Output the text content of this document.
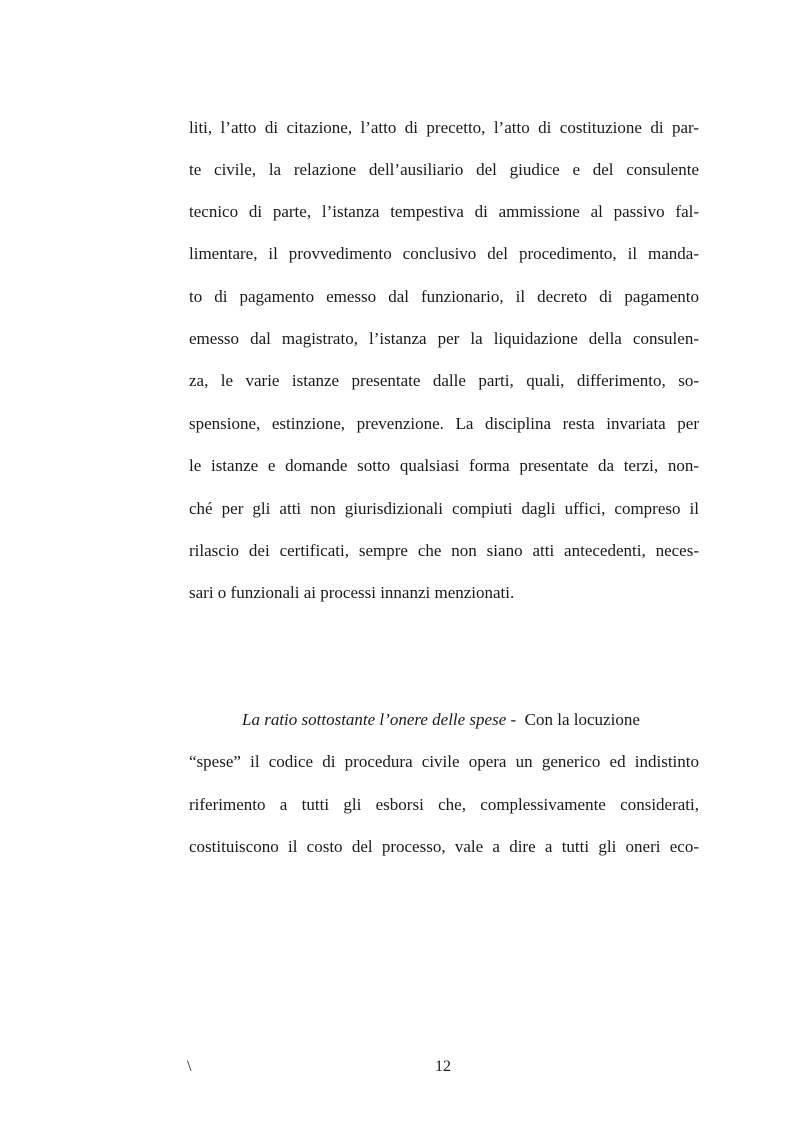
liti, l’atto di citazione, l’atto di precetto, l’atto di costituzione di par-
te civile, la relazione dell’ausiliario del giudice e del consulente
tecnico di parte, l’istanza tempestiva di ammissione al passivo fal-
limentare, il provvedimento conclusivo del procedimento, il manda-
to di pagamento emesso dal funzionario, il decreto di pagamento
emesso dal magistrato, l’istanza per la liquidazione della consulen-
za, le varie istanze presentate dalle parti, quali, differimento, so-
spensione, estinzione, prevenzione. La disciplina resta invariata per
le istanze e domande sotto qualsiasi forma presentate da terzi, non-
ché per gli atti non giurisdizionali compiuti dagli uffici, compreso il
rilascio dei certificati, sempre che non siano atti antecedenti, neces-
sari o funzionali ai processi innanzi menzionati.
La ratio sottostante l’onere delle spese - Con la locuzione
“spese” il codice di procedura civile opera un generico ed indistinto
riferimento a tutti gli esborsi che, complessivamente considerati,
costituiscono il costo del processo, vale a dire a tutti gli oneri eco-
\	12
